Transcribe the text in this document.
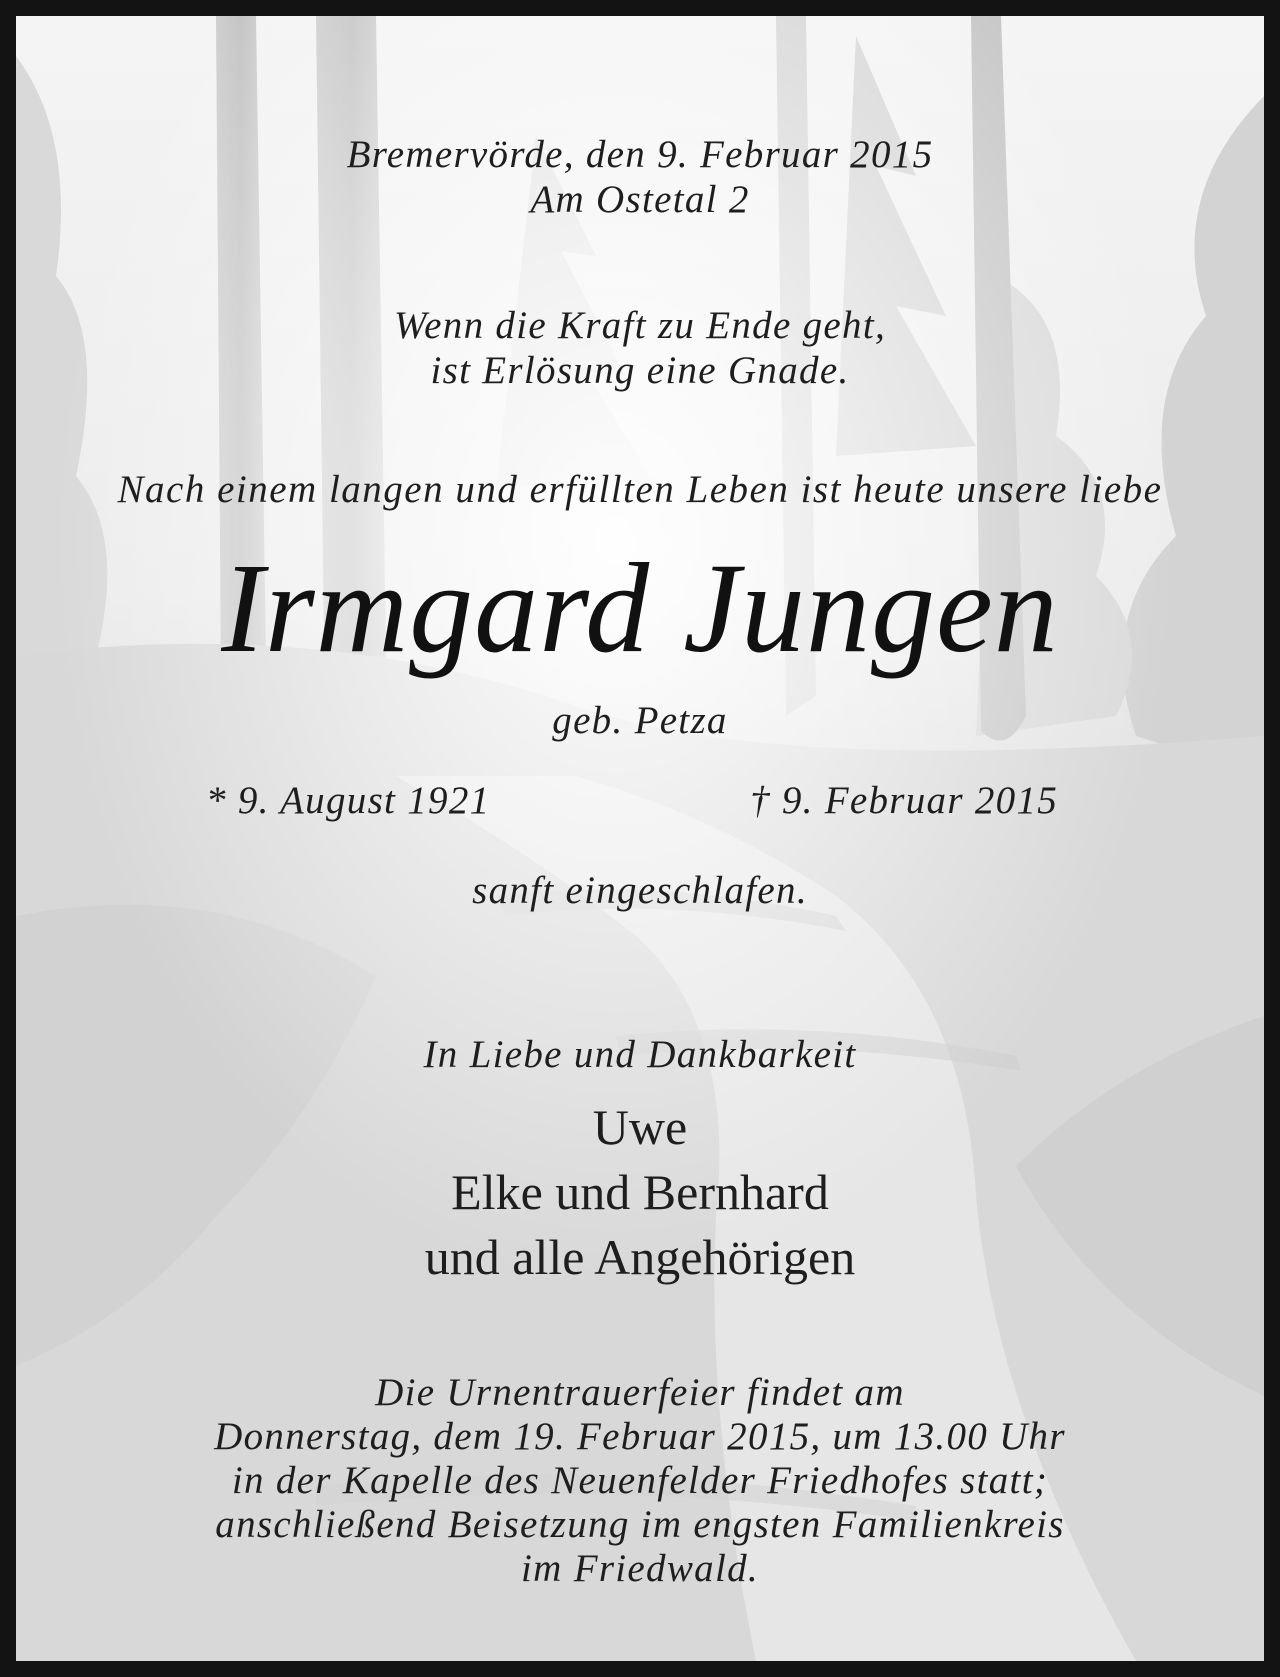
Bremervörde, den 9. Februar 2015
Am Ostetal 2
Wenn die Kraft zu Ende geht,
ist Erlösung eine Gnade.
Nach einem langen und erfüllten Leben ist heute unsere liebe
Irmgard Jungen
geb. Petza
* 9. August 1921	† 9. Februar 2015
sanft eingeschlafen.
In Liebe und Dankbarkeit
Uwe
Elke und Bernhard
und alle Angehörigen
Die Urnentrauerfeier findet am
Donnerstag, dem 19. Februar 2015, um 13.00 Uhr
in der Kapelle des Neuenfelder Friedhofes statt;
anschließend Beisetzung im engsten Familienkreis
im Friedwald.
